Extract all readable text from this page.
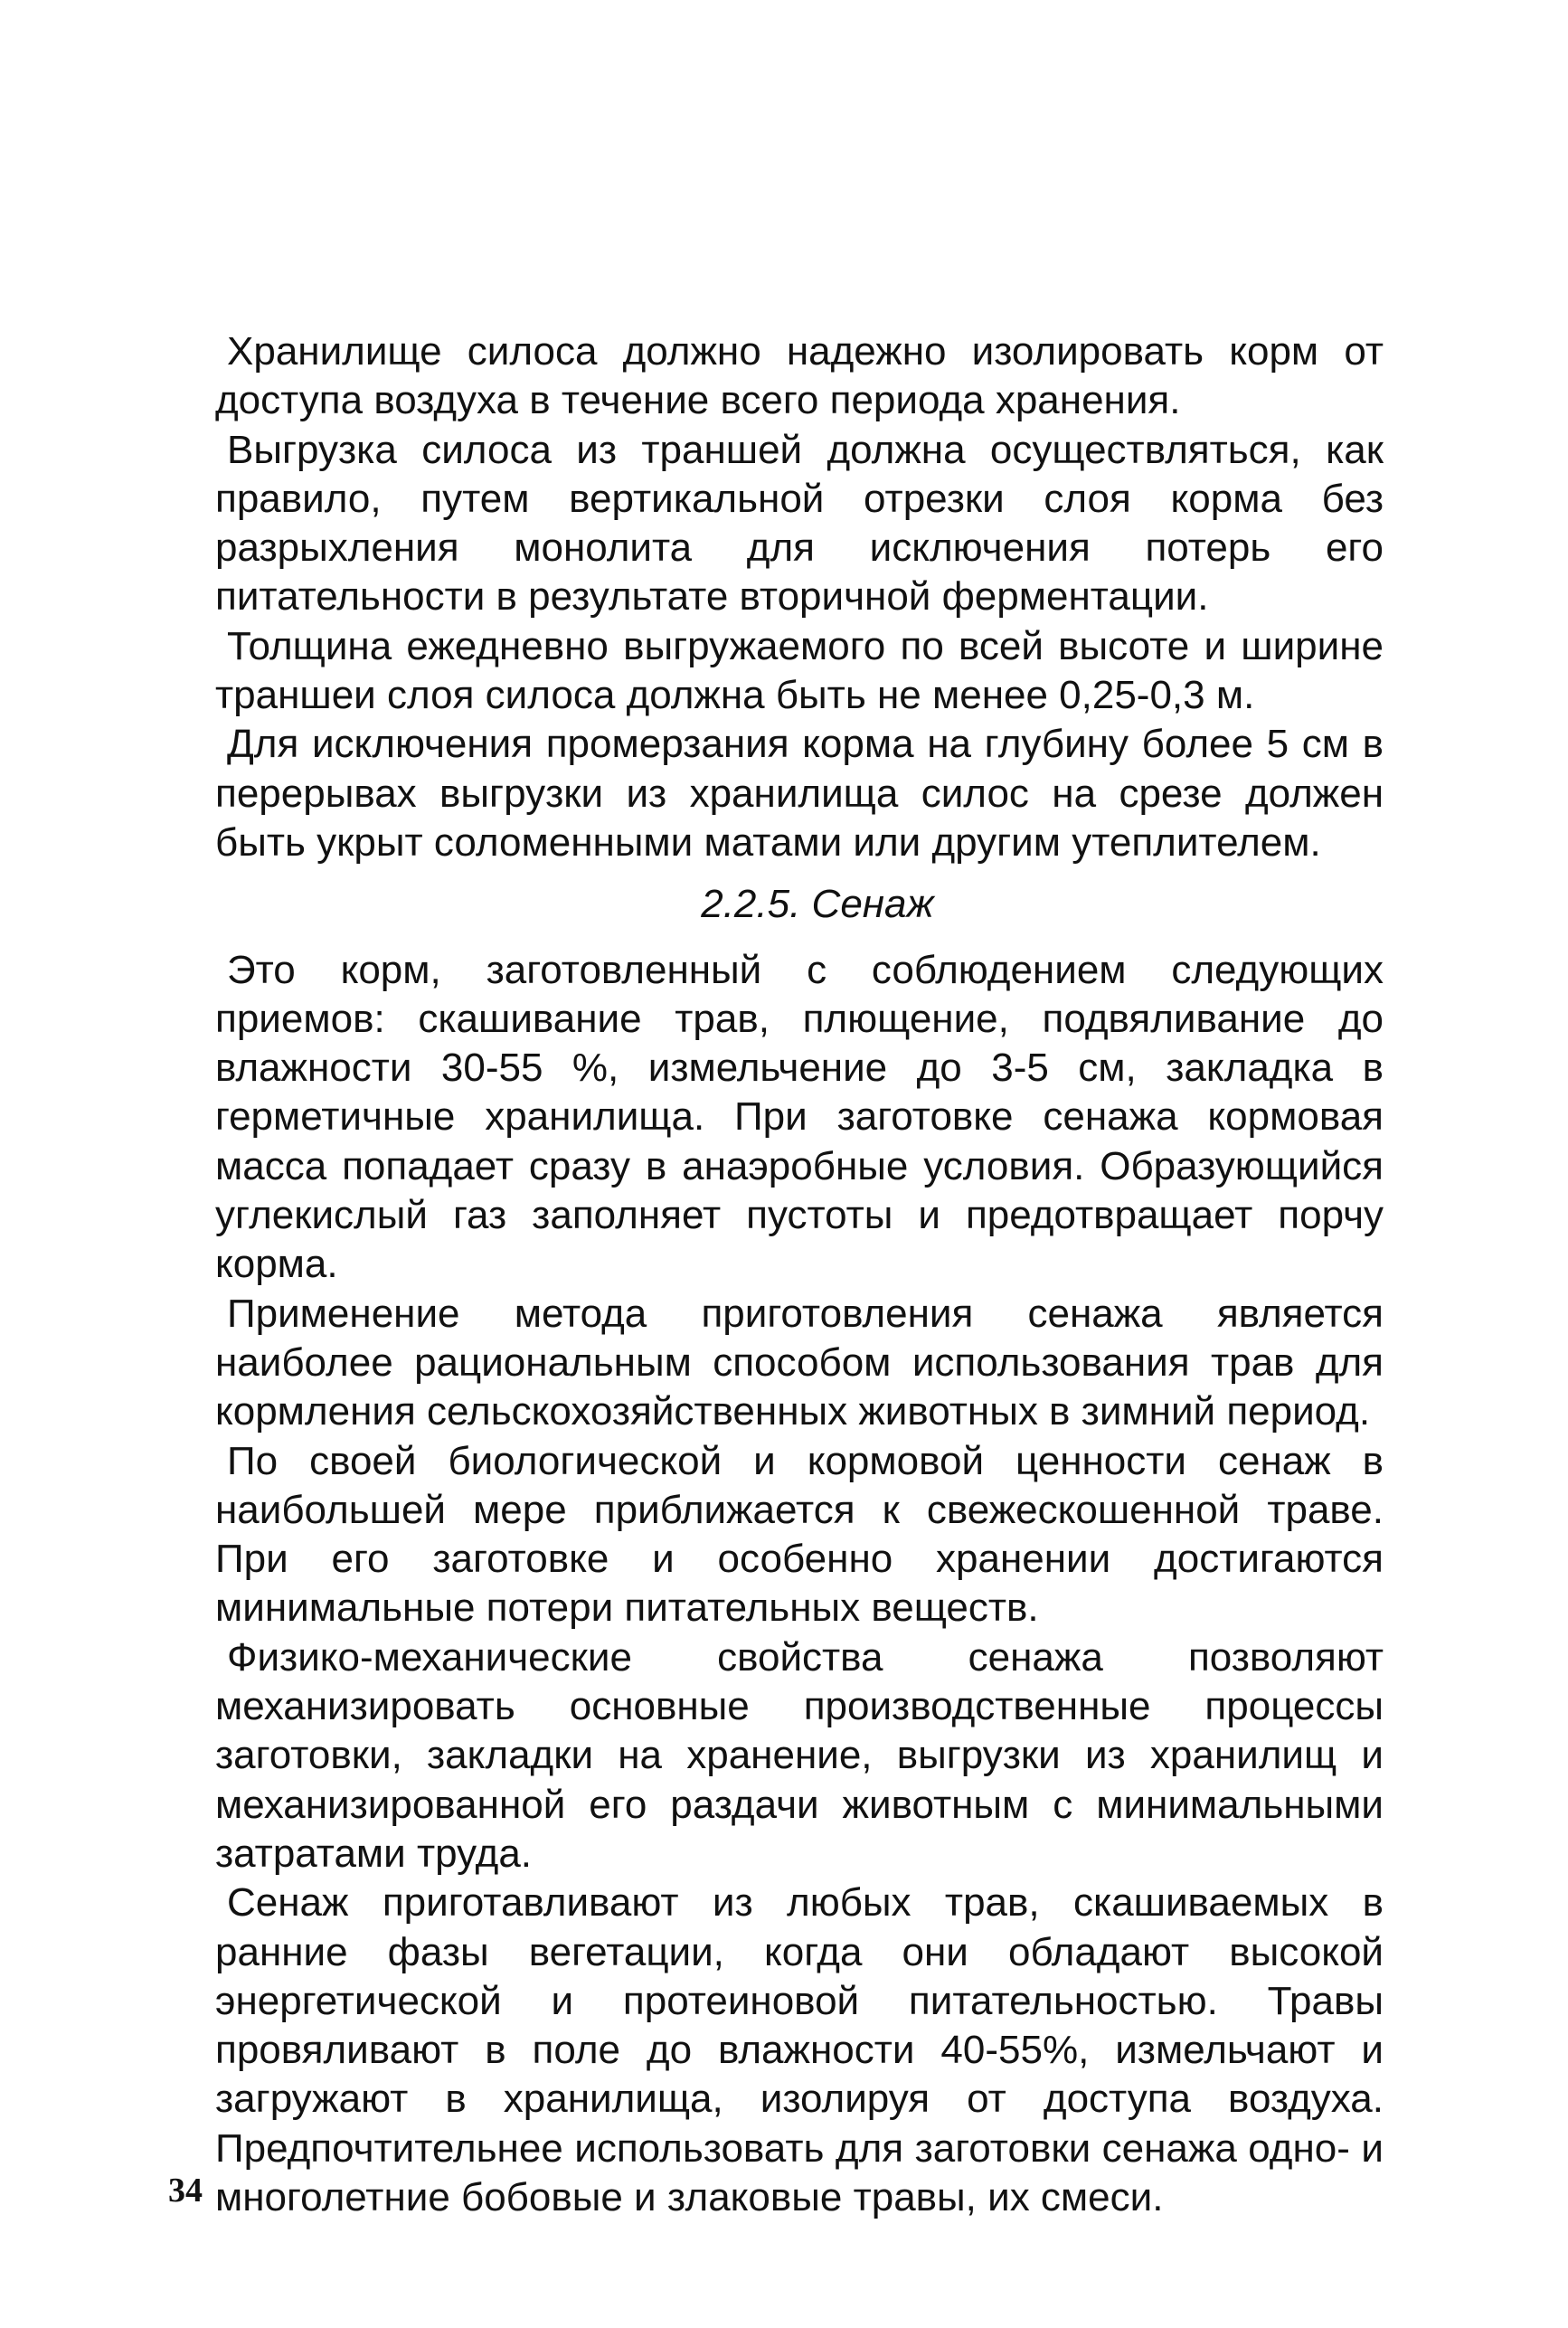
Хранилище силоса должно надежно изолировать корм от доступа воздуха в течение всего периода хранения.

Выгрузка силоса из траншей должна осуществляться, как правило, путем вертикальной отрезки слоя корма без разрыхления монолита для исключения потерь его питательности в результате вторичной ферментации.

Толщина ежедневно выгружаемого по всей высоте и ширине траншеи слоя силоса должна быть не менее 0,25-0,3 м.

Для исключения промерзания корма на глубину более 5 см в перерывах выгрузки из хранилища силос на срезе должен быть укрыт соломенными матами или другим утеплителем.

2.2.5. Сенаж

Это корм, заготовленный с соблюдением следующих приемов: скашивание трав, плющение, подвяливание до влажности 30-55 %, измельчение до 3-5 см, закладка в герметичные хранилища. При заготовке сенажа кормовая масса попадает сразу в анаэробные условия. Образующийся углекислый газ заполняет пустоты и предотвращает порчу корма.

Применение метода приготовления сенажа является наиболее рациональным способом использования трав для кормления сельскохозяйственных животных в зимний период.

По своей биологической и кормовой ценности сенаж в наибольшей мере приближается к свежескошенной траве. При его заготовке и особенно хранении достигаются минимальные потери питательных веществ.

Физико-механические свойства сенажа позволяют механизировать основные производственные процессы заготовки, закладки на хранение, выгрузки из хранилищ и механизированной его раздачи животным с минимальными затратами труда.

Сенаж приготавливают из любых трав, скашиваемых в ранние фазы вегетации, когда они обладают высокой энергетической и протеиновой питательностью. Травы провяливают в поле до влажности 40-55%, измельчают и загружают в хранилища, изолируя от доступа воздуха. Предпочтительнее использовать для заготовки сенажа одно- и многолетние бобовые и злаковые травы, их смеси.

34
